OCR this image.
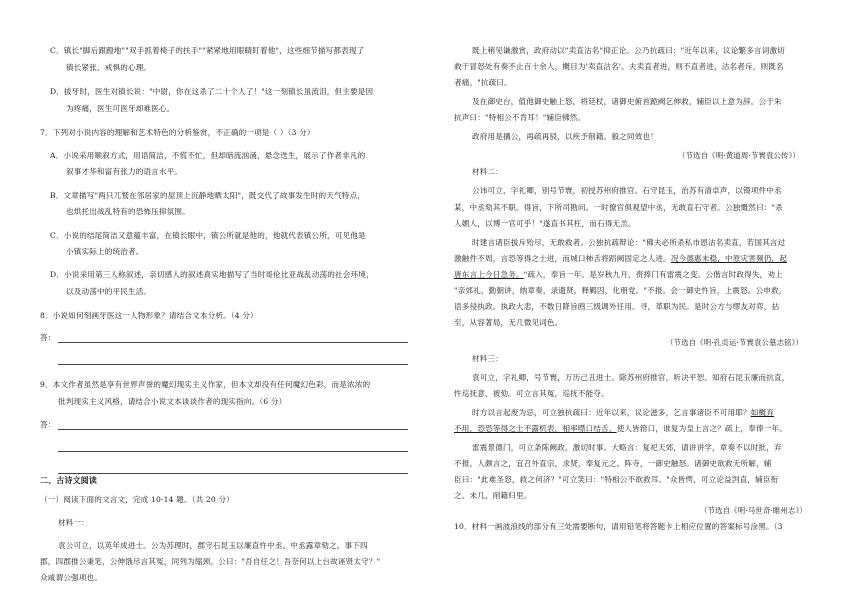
C．镇长"脚后跟蹬地""双手抓着椅子的扶手""紧紧地用眼睛盯着他"，这些细节描写都表现了
镇长紧张、戒惧的心理。
D．拔牙时，医生对镇长说："中尉，你在这杀了二十个人了！"这一刻镇长虽流泪，但主要是因
为疼痛，医生可医牙却难医心。
7．下列对小说内容的理解和艺术特色的分析鉴赏，不正确的一项是（ ）（3 分）
A．小说采用顺叙方式，用语简洁，不慌不忙，但却暗流汹涌，悬念迭生，展示了作者非凡的
叙事才华和富有张力的语言水平。
B．文章描写"两只兀鹫在邻居家的屋顶上沉静地晒太阳"，既交代了故事发生时的天气特点，
也烘托出战乱特有的恐怖压抑氛围。
C．小说的结尾简洁又意蕴丰富，在镇长眼中，镇公所就是他的，他就代表镇公所，可见他是
小镇实际上的统治者。
D．小说采用第三人称叙述，亲切感人的叙述真实地描写了当时哥伦比亚战乱动荡的社会环境，
以及动荡中的平民生活。
8．小说如何刻画牙医这一人物形象？请结合文本分析。（4 分）
答：
9．本文作者虽然是享有世界声誉的魔幻现实主义作家，但本文却没有任何魔幻色彩，而是浓浓的
批判现实主义风格，请结合小说文本谈谈作者的现实指向。（6 分）
答：
二、古诗文阅读
（一）阅读下面的文言文，完成 10-14 题。（共 20 分）
材料一：
袁公可立，以英年成进士。公为苏理时，郡守石昆玉以廉直忤中丞。中丞露章劾之。事下四
郡，四郡推公秉笔，公伸饿尽言其冤，同列为缩颈。公曰："吾自任之！吾奈何以上台故诬贤太守？"
众咸谓公强项也。
既上稍见谦激赏，政府动以"卖直沽名"抑正论。公乃抗疏曰："近年以来，议论繁多言词激切
救干冒怒处有奏不止百十余人，概目为'卖直沽名'。夫卖直者进，则不直者进，沽名者斥，则既名
者痛。"抗疏曰。
及在御史台，值他御史触上怒，将廷杖，诸御史俯首跪阙乞伸救，辅臣以上意为辞。公于朱
抗声曰："特相公不肯耳！"辅臣怫然。
政府用是搆公，再疏再驳，以疾予削籍。毅之同效也！
（节选自《明·黄道周·节寰袁公传》）
材料二：
公讳可立，字礼卿，别号节寰，初授苏州府推官。石守昆玉，治苏有清卓声，以镊项件中丞
某，中丞劾其不职。得旨，下所司勘问。一时僚官俱观望中丞，无敢直石守者。公独慨然曰："杀
人媚人，以博一官可乎！"遂直书其枉，而石得无羔。
时建言诸臣拔斥殆尽，无敢救者。公独抗疏辩论："佛夫必所杀私市恩沽名卖直，若国其言过
激触件不周，言恐等得之士进，而城口柿舌将蹈阙固定之人进。况今德惠未稳，中原灾害频仍，起
唐东言上今日急务。"疏入，奉旨一年。是岁秋九月，赍捧门有雷震之变。公偕言时政得失，劝上
"亲郊礼，勤朝讲，纳章奏，录遗贤，释羁囚，化朋党。"不报。会一御史忤旨，上震怒。公申救，
语多侵执政。执政大恚，不数日降旨鸥三级调外任用。寻，革职为民。是时公方与缪友对弈，拈
至，从容著局，无几微见词色。
（节选自《明·孔贞运·节寰袁公墓志铭》）
材料三：
袁可立，字礼卿，号节寰，万历己丑进士。除苏州府推官，听决平恕。知府石昆玉廉而抗直，
忤巡抚意，被劾。可立言其冤，巡抚不能夺。
时方以言起废为忌，可立独抗疏曰：近年以来，议论滋多，乞言事诸臣不可用耶？如概弃
不用，恐恐等得之士不露机表，相率噤口结舌。使人皆箝口，谁复为皇上言之？疏上，奉俸一年。
雷震景德门，可立条陈阙政，激切时事。大略言：复祀天郊，请讲讲学，章奏不以时批，弃
不报。人颇言之，宜召外直宗，求贤，奉复元之。阵寺，一御史触怒。诸御史欲救无所解，辅
臣曰："此难圣怒，救之何济？"可立笑曰："特相公不欲救耳。"众皆愕，可立论益剀直，辅臣衔
之。未几，削籍归里。
（节选自《明·马世奇·睢州志》）
10．材料一画波浪线的部分有三处需要断句，请用铅笔将答题卡上相应位置的答案标号涂黑。（3
